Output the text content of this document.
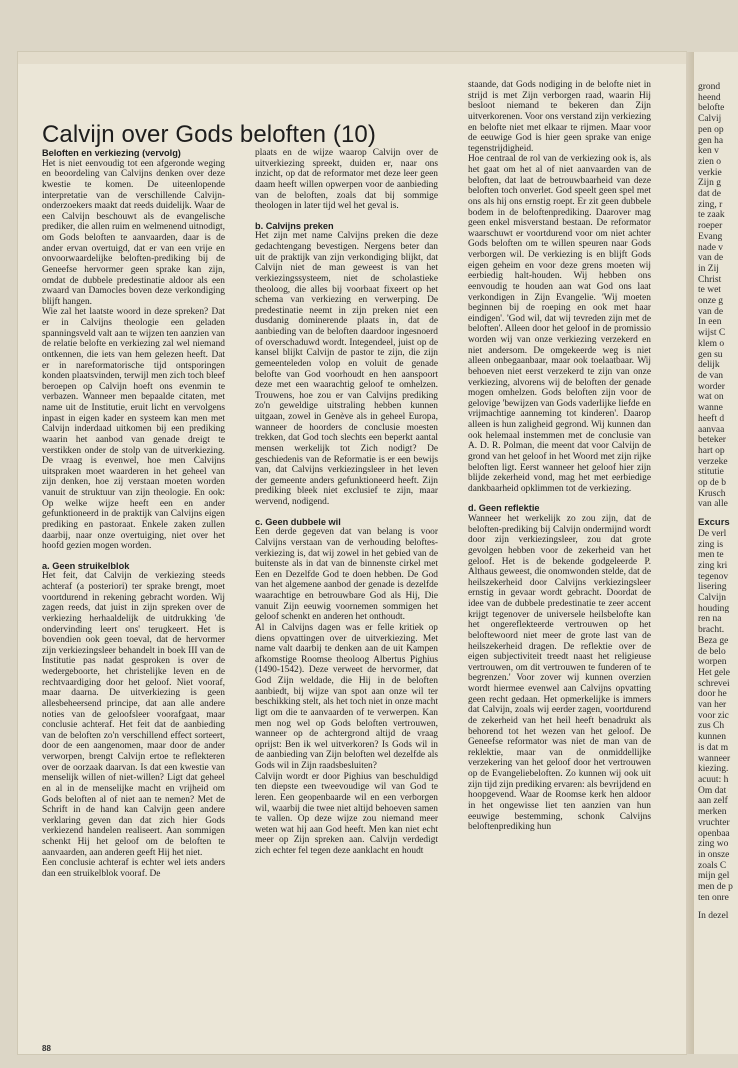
grond

heend

belofte

Calvij

pen op

gen ha

ken v

zien o

verkie

Zijn g

dat de

zing, r

te zaak

roeper

Evang

nade v

van de

in Zij

Christ

te wet

onze g

van de

In een

wijst C

klem o

gen su

delijk

de van

worder

wat on

wanne

heeft d

aanvaa

beteker

hart op

verzeke

stitutie

op de b

Krusch

van alle

Excurs

De verl

zing is

men te

zing kri

tegenov

lisering

Calvijn

houding

ren na

bracht.

Beza ge

de belo

worpen

Het gele

schrevei

door he

van her

voor zic

zus Ch

kunnen

is dat m

wanneer

kiezing.

acuut: h

Om dat

aan zelf

merken

vruchter

openbaa

zing wo

in onsze

zoals C

mijn gel

men de p

ten onre

In dezel

Calvijn over Gods beloften (10)

Beloften en verkiezing (vervolg)

Het is niet eenvoudig tot een afgeronde weging en beoordeling van Calvijns denken over deze kwestie te komen. De uiteenlopende interpretatie van de verschillende Calvijn-onderzoekers maakt dat reeds duidelijk. Waar de een Calvijn beschouwt als de evangelische prediker, die allen ruim en welmenend uitnodigt, om Gods beloften te aanvaarden, daar is de ander ervan overtuigd, dat er van een vrije en onvoorwaardelijke beloften-prediking bij de Geneefse hervormer geen sprake kan zijn, omdat de dubbele predestinatie aldoor als een zwaard van Damocles boven deze verkondiging blijft hangen.

Wie zal het laatste woord in deze spreken? Dat er in Calvijns theologie een geladen spanningsveld valt aan te wijzen ten aanzien van de relatie belofte en verkiezing zal wel niemand ontkennen, die iets van hem gelezen heeft. Dat er in nareformatorische tijd ontsporingen konden plaatsvinden, terwijl men zich toch bleef beroepen op Calvijn hoeft ons evenmin te verbazen. Wanneer men bepaalde citaten, met name uit de Institutie, eruit licht en vervolgens inpast in eigen kader en systeem kan men met Calvijn inderdaad uitkomen bij een prediking waarin het aanbod van genade dreigt te verstikken onder de stolp van de uitverkiezing. De vraag is evenwel, hoe men Calvijns uitspraken moet waarderen in het geheel van zijn denken, hoe zij verstaan moeten worden vanuit de struktuur van zijn theologie. En ook: Op welke wijze heeft een en ander gefunktioneerd in de praktijk van Calvijns eigen prediking en pastoraat. Enkele zaken zullen daarbij, naar onze overtuiging, niet over het hoofd gezien mogen worden.

a. Geen struikelblok

Het feit, dat Calvijn de verkiezing steeds achteraf (a posteriori) ter sprake brengt, moet voortdurend in rekening gebracht worden. Wij zagen reeds, dat juist in zijn spreken over de verkiezing herhaaldelijk de uitdrukking 'de ondervinding leert ons' terugkeert. Het is bovendien ook geen toeval, dat de hervormer zijn verkiezingsleer behandelt in boek III van de Institutie pas nadat gesproken is over de wedergeboorte, het christelijke leven en de rechtvaardiging door het geloof. Niet vooraf, maar daarna. De uitverkiezing is geen allesbeheersend principe, dat aan alle andere noties van de geloofsleer voorafgaat, maar conclusie achteraf. Het feit dat de aanbieding van de beloften zo'n verschillend effect sorteert, door de een aangenomen, maar door de ander verworpen, brengt Calvijn ertoe te reflekteren over de oorzaak daarvan. Is dat een kwestie van menselijk willen of niet-willen? Ligt dat geheel en al in de menselijke macht en vrijheid om Gods beloften al of niet aan te nemen? Met de Schrift in de hand kan Calvijn geen andere verklaring geven dan dat zich hier Gods verkiezend handelen realiseert. Aan sommigen schenkt Hij het geloof om de beloften te aanvaarden, aan anderen geeft Hij het niet.

Een conclusie achteraf is echter wel iets anders dan een struikelblok vooraf. De

plaats en de wijze waarop Calvijn over de uitverkiezing spreekt, duiden er, naar ons inzicht, op dat de reformator met deze leer geen daam heeft willen opwerpen voor de aanbieding van de beloften, zoals dat bij sommige theologen in later tijd wel het geval is.

b. Calvijns preken

Het zijn met name Calvijns preken die deze gedachtengang bevestigen. Nergens beter dan uit de praktijk van zijn verkondiging blijkt, dat Calvijn niet de man geweest is van het verkiezingssysteem, niet de scholastieke theoloog, die alles bij voorbaat fixeert op het schema van verkiezing en verwerping. De predestinatie neemt in zijn preken niet een dusdanig dominerende plaats in, dat de aanbieding van de beloften daardoor ingesnoerd of overschaduwd wordt. Integendeel, juist op de kansel blijkt Calvijn de pastor te zijn, die zijn gemeenteleden volop en voluit de genade belofte van God voorhoudt en hen aanspoort deze met een waarachtig geloof te omhelzen. Trouwens, hoe zou er van Calvijns prediking zo'n geweldige uitstraling hebben kunnen uitgaan, zowel in Genève als in geheel Europa, wanneer de hoorders de conclusie moesten trekken, dat God toch slechts een beperkt aantal mensen werkelijk tot Zich nodigt? De geschiedenis van de Reformatie is er een bewijs van, dat Calvijns verkiezingsleer in het leven der gemeente anders gefunktioneerd heeft. Zijn prediking bleek niet exclusief te zijn, maar wervend, nodigend.

c. Geen dubbele wil

Een derde gegeven dat van belang is voor Calvijns verstaan van de verhouding beloftes-verkiezing is, dat wij zowel in het gebied van de buitenste als in dat van de binnenste cirkel met Een en Dezelfde God te doen hebben. De God van het algemene aanbod der genade is dezelfde waarachtige en betrouwbare God als Hij, Die vanuit Zijn eeuwig voornemen sommigen het geloof schenkt en anderen het onthoudt.

Al in Calvijns dagen was er felle kritiek op diens opvattingen over de uitverkiezing. Met name valt daarbij te denken aan de uit Kampen afkomstige Roomse theoloog Albertus Pighius (1490-1542). Deze verweet de hervormer, dat God Zijn weldade, die Hij in de beloften aanbiedt, bij wijze van spot aan onze wil ter beschikking stelt, als het toch niet in onze macht ligt om die te aanvaarden of te verwerpen. Kan men nog wel op Gods beloften vertrouwen, wanneer op de achtergrond altijd de vraag oprijst: Ben ik wel uitverkoren? Is Gods wil in de aanbieding van Zijn beloften wel dezelfde als Gods wil in Zijn raadsbesluiten?

Calvijn wordt er door Pighius van beschuldigd ten diepste een tweevoudige wil van God te leren. Een geopenbaarde wil en een verborgen wil, waarbij die twee niet altijd behoeven samen te vallen. Op deze wijze zou niemand meer weten wat hij aan God heeft. Men kan niet echt meer op Zijn spreken aan. Calvijn verdedigt zich echter fel tegen deze aanklacht en houdt

staande, dat Gods nodiging in de belofte niet in strijd is met Zijn verborgen raad, waarin Hij besloot niemand te bekeren dan Zijn uitverkorenen. Voor ons verstand zijn verkiezing en belofte niet met elkaar te rijmen. Maar voor de eeuwige God is hier geen sprake van enige tegenstrijdigheid.

Hoe centraal de rol van de verkiezing ook is, als het gaat om het al of niet aanvaarden van de beloften, dat laat de betrouwbaarheid van deze beloften toch onverlet. God speelt geen spel met ons als hij ons ernstig roept. Er zit geen dubbele bodem in de beloftenprediking. Daarover mag geen enkel misverstand bestaan. De reformator waarschuwt er voortdurend voor om niet achter Gods beloften om te willen speuren naar Gods verborgen wil. De verkiezing is en blijft Gods eigen geheim en voor deze grens moeten wij eerbiedig halt-houden. Wij hebben ons eenvoudig te houden aan wat God ons laat verkondigen in Zijn Evangelie. 'Wij moeten beginnen bij de roeping en ook met haar eindigen'. 'God wil, dat wij tevreden zijn met de beloften'. Alleen door het geloof in de promissio worden wij van onze verkiezing verzekerd en niet andersom. De omgekeerde weg is niet alleen onbegaanbaar, maar ook toelaatbaar. Wij behoeven niet eerst verzekerd te zijn van onze verkiezing, alvorens wij de beloften der genade mogen omhelzen. Gods beloften zijn voor de gelovige 'bewijzen van Gods vaderlijke liefde en vrijmachtige aanneming tot kinderen'. Daarop alleen is hun zaligheid gegrond. Wij kunnen dan ook helemaal instemmen met de conclusie van A. D. R. Polman, die meent dat voor Calvijn de grond van het geloof in het Woord met zijn rijke beloften ligt. Eerst wanneer het geloof hier zijn blijde zekerheid vond, mag het met eerbiedige dankbaarheid opklimmen tot de verkiezing.

d. Geen reflektie

Wanneer het werkelijk zo zou zijn, dat de beloften-prediking bij Calvijn ondermijnd wordt door zijn verkiezingsleer, zou dat grote gevolgen hebben voor de zekerheid van het geloof. Het is de bekende godgeleerde P. Althaus geweest, die onomwonden stelde, dat de heilszekerheid door Calvijns verkiezingsleer ernstig in gevaar wordt gebracht. Doordat de idee van de dubbele predestinatie te zeer accent krijgt tegenover de universele heilsbelofte kan het ongereflekteerde vertrouwen op het beloftewoord niet meer de grote last van de heilszekerheid dragen. De reflektie over de eigen subjectiviteit treedt naast het religieuse vertrouwen, om dit vertrouwen te funderen of te begrenzen.' Voor zover wij kunnen overzien wordt hiermee evenwel aan Calvijns opvatting geen recht gedaan. Het opmerkelijke is immers dat Calvijn, zoals wij eerder zagen, voortdurend de zekerheid van het heil heeft benadrukt als behorend tot het wezen van het geloof. De Geneefse reformator was niet de man van de reklektie, maar van de onmiddellijke verzekering van het geloof door het vertrouwen op de Evangeliebeloften. Zo kunnen wij ook uit zijn tijd zijn prediking ervaren: als bevrijdend en hoopgevend. Waar de Roomse kerk hen aldoor in het ongewisse liet ten aanzien van hun eeuwige bestemming, schonk Calvijns beloftenprediking hun

88
